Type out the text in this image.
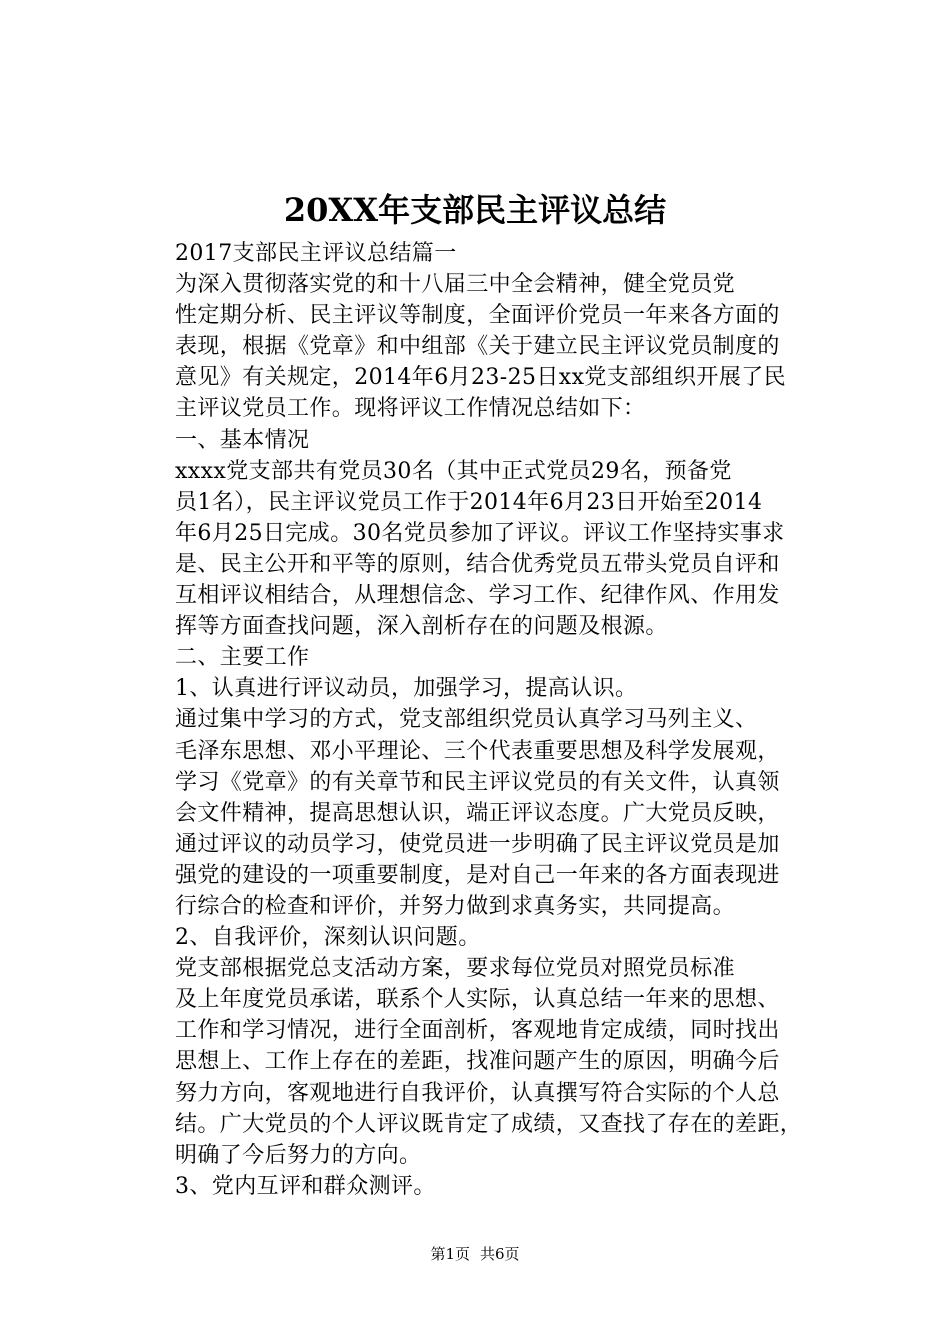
20XX年支部民主评议总结

2017支部民主评议总结篇一

为深入贯彻落实党的和十八届三中全会精神，健全党员党
性定期分析、民主评议等制度，全面评价党员一年来各方面的
表现，根据《党章》和中组部《关于建立民主评议党员制度的
意见》有关规定，2014年6月23-25日xx党支部组织开展了民
主评议党员工作。现将评议工作情况总结如下：

一、基本情况

xxxx党支部共有党员30名（其中正式党员29名，预备党
员1名），民主评议党员工作于2014年6月23日开始至2014
年6月25日完成。30名党员参加了评议。评议工作坚持实事求
是、民主公开和平等的原则，结合优秀党员五带头党员自评和
互相评议相结合，从理想信念、学习工作、纪律作风、作用发
挥等方面查找问题，深入剖析存在的问题及根源。

二、主要工作

1、认真进行评议动员，加强学习，提高认识。

通过集中学习的方式，党支部组织党员认真学习马列主义、
毛泽东思想、邓小平理论、三个代表重要思想及科学发展观，
学习《党章》的有关章节和民主评议党员的有关文件，认真领
会文件精神，提高思想认识，端正评议态度。广大党员反映，
通过评议的动员学习，使党员进一步明确了民主评议党员是加
强党的建设的一项重要制度，是对自己一年来的各方面表现进
行综合的检查和评价，并努力做到求真务实，共同提高。

2、自我评价，深刻认识问题。

党支部根据党总支活动方案，要求每位党员对照党员标准
及上年度党员承诺，联系个人实际，认真总结一年来的思想、
工作和学习情况，进行全面剖析，客观地肯定成绩，同时找出
思想上、工作上存在的差距，找准问题产生的原因，明确今后
努力方向，客观地进行自我评价，认真撰写符合实际的个人总
结。广大党员的个人评议既肯定了成绩，又查找了存在的差距，
明确了今后努力的方向。

3、党内互评和群众测评。

第1页 共6页
